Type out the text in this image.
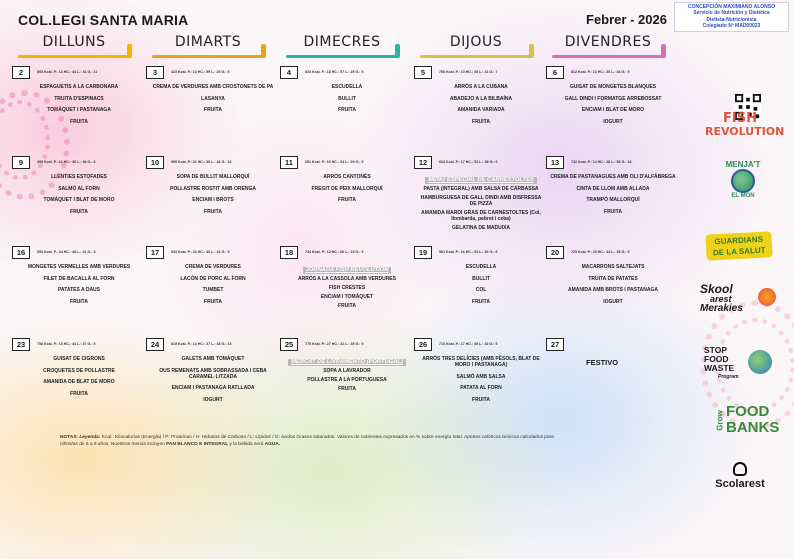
COL.LEGI SANTA MARIA	Febrer - 2026
CONCEPCIÓN MAXIMIANO ALONSO
Servicio de Nutrición y Dietética
Dietista-Nutricionista
Colegiado Nº MAD00023
DILLUNS	DIMARTS	DIMECRES	DIJOUS	DIVENDRES
2	853 Kcal. P.: 13 HC.: 44 L.: 41 G.: 11
ESPAGUETIS A LA CARBONARA
TRUITA D'ESPINACS
TOMÀQUET I PASTANAGA
FRUITA
3	423 Kcal. P.: 13 HC.: 59 L.: 25 G.: 6
CREMA DE VERDURES AMB CROSTONETS DE PA
LASANYA
FRUITA
4	523 Kcal. P.: 18 HC.: 57 L.: 25 G.: 5
ESCUDELLA
BULLIT
FRUITA
5	756 Kcal. P.: 13 HC.: 45 L.: 41 G.: 7
ARRÒS A LA CUBANA
ABADEJO A LA BILBAÍNA
AMANIDA VARIADA
FRUITA
6	812 Kcal. P.: 13 HC.: 36 L.: 46 G.: 9
GUISAT DE MONGETES BLANQUES
GALL DINDI I FORMATGE ARREBOSSAT
ENCIAM I BLAT DE MORO
IOGURT
9	499 Kcal. P.: 22 HC.: 36 L.: 38 G.: 6
LLENTIES ESTOFADES
SALMÓ AL FORN
TOMÀQUET I BLAT DE MORO
FRUITA
10	555 Kcal. P.: 21 HC.: 30 L.: 46 G.: 10
SOPA DE BULLIT MALLORQUÍ
POLLASTRE ROSTIT AMB ORENGA
ENCIAM I BROTS
FRUITA
11	651 Kcal. P.: 16 HC.: 54 L.: 29 G.: 5
ARRÒS CANTONÈS
FREGIT DE PEIX MALLORQUÍ
FRUITA
12	664 Kcal. P.: 17 HC.: 53 L.: 28 G.: 6
MENÚ ESPECIAL DE CARNESTOLTES
PASTA (INTEGRAL) AMB SALSA DE CARBASSA
HAMBURGUESA DE GALL DINDI AMB DISFRESSA DE PIZZA
AMANIDA MARDI GRAS DE CARNESTOLTES (Col, llombarda, pebrot i ceba)
GELATINA DE MADUIXA
13	742 Kcal. P.: 14 HC.: 28 L.: 56 G.: 16
CREMA DE PASTANAGUES AMB OLI D'ALFÀBREGA
CINTA DE LLOM AMB ALLADA
TRAMPÓ MALLORQUÍ
FRUITA
16	552 Kcal. P.: 24 HC.: 46 L.: 21 G.: 3
MONGETES VERMELLES AMB VERDURES
FILET DE BACALLÀ AL FORN
PATATES A DAUS
FRUITA
17	543 Kcal. P.: 16 HC.: 40 L.: 41 G.: 9
CREMA DE VERDURES
LACÓN DE PORC AL FORN
TUMBET
FRUITA
18	744 Kcal. P.: 12 HC.: 66 L.: 19 G.: 3
JORNADA FISH REVOLUTION
ARRÒS A LA CASSOLA AMB VERDURES
FISH CRESTES
ENCIAM I TOMÀQUET
FRUITA
19	581 Kcal. P.: 16 HC.: 53 L.: 26 G.: 6
ESCUDELLA
BULLIT
COL
FRUITA
20	725 Kcal. P.: 15 HC.: 44 L.: 39 G.: 9
MACARRONS SALTEJATS
TRUITA DE PATATES
AMANIDA AMB BROTS I PASTANAGA
IOGURT
23	758 Kcal. P.: 13 HC.: 44 L.: 37 G.: 5
GUISAT DE CIGRONS
CROQUETES DE POLLASTRE
AMANIDA DE BLAT DE MORO
FRUITA
24	819 Kcal. P.: 14 HC.: 37 L.: 48 G.: 13
GALETS AMB TOMÀQUET
OUS REMENATS AMB SOBRASSADA I CEBA CARAMEL·LITZADA
ENCIAM I PASTANAGA RATLLADA
IOGURT
25	775 Kcal. P.: 27 HC.: 31 L.: 39 G.: 9
MERCAT DE LIVRAMENTO (PORTUGAL)
SOPA A LAVRADOR
POLLASTRE A LA PORTUGUESA
FRUITA
26	710 Kcal. P.: 17 HC.: 49 L.: 32 G.: 5
ARRÒS TRES DELÍCIES (AMB PÈSOLS, BLAT DE MORO I PASTANAGA)
SALMÓ AMB SALSA
PATATA AL FORN
FRUITA
27
FESTIVO
NOTAS: Leyenda: Kcal.: Kilocalorías (Energía) / P: Proteínas / H: Hidratos de Carbono / L: Lípidos / G: ácidos Grasos saturados. Valores de nutrientes expresados en % sobre energía total. Aportes calóricos teóricos calculados para niños/as de 6 a 9 años. Nuestros menús incluyen PAN BLANCO E INTEGRAL y la bebida será AGUA.
FISH
REVOLUTION
MENJA'T
EL MÓN
GUARDIANS
DE LA SALUT
Skool
arest
Merakies
STOP
FOOD
WASTE
Program
Grow FOOD
BANKS
Scolarest
